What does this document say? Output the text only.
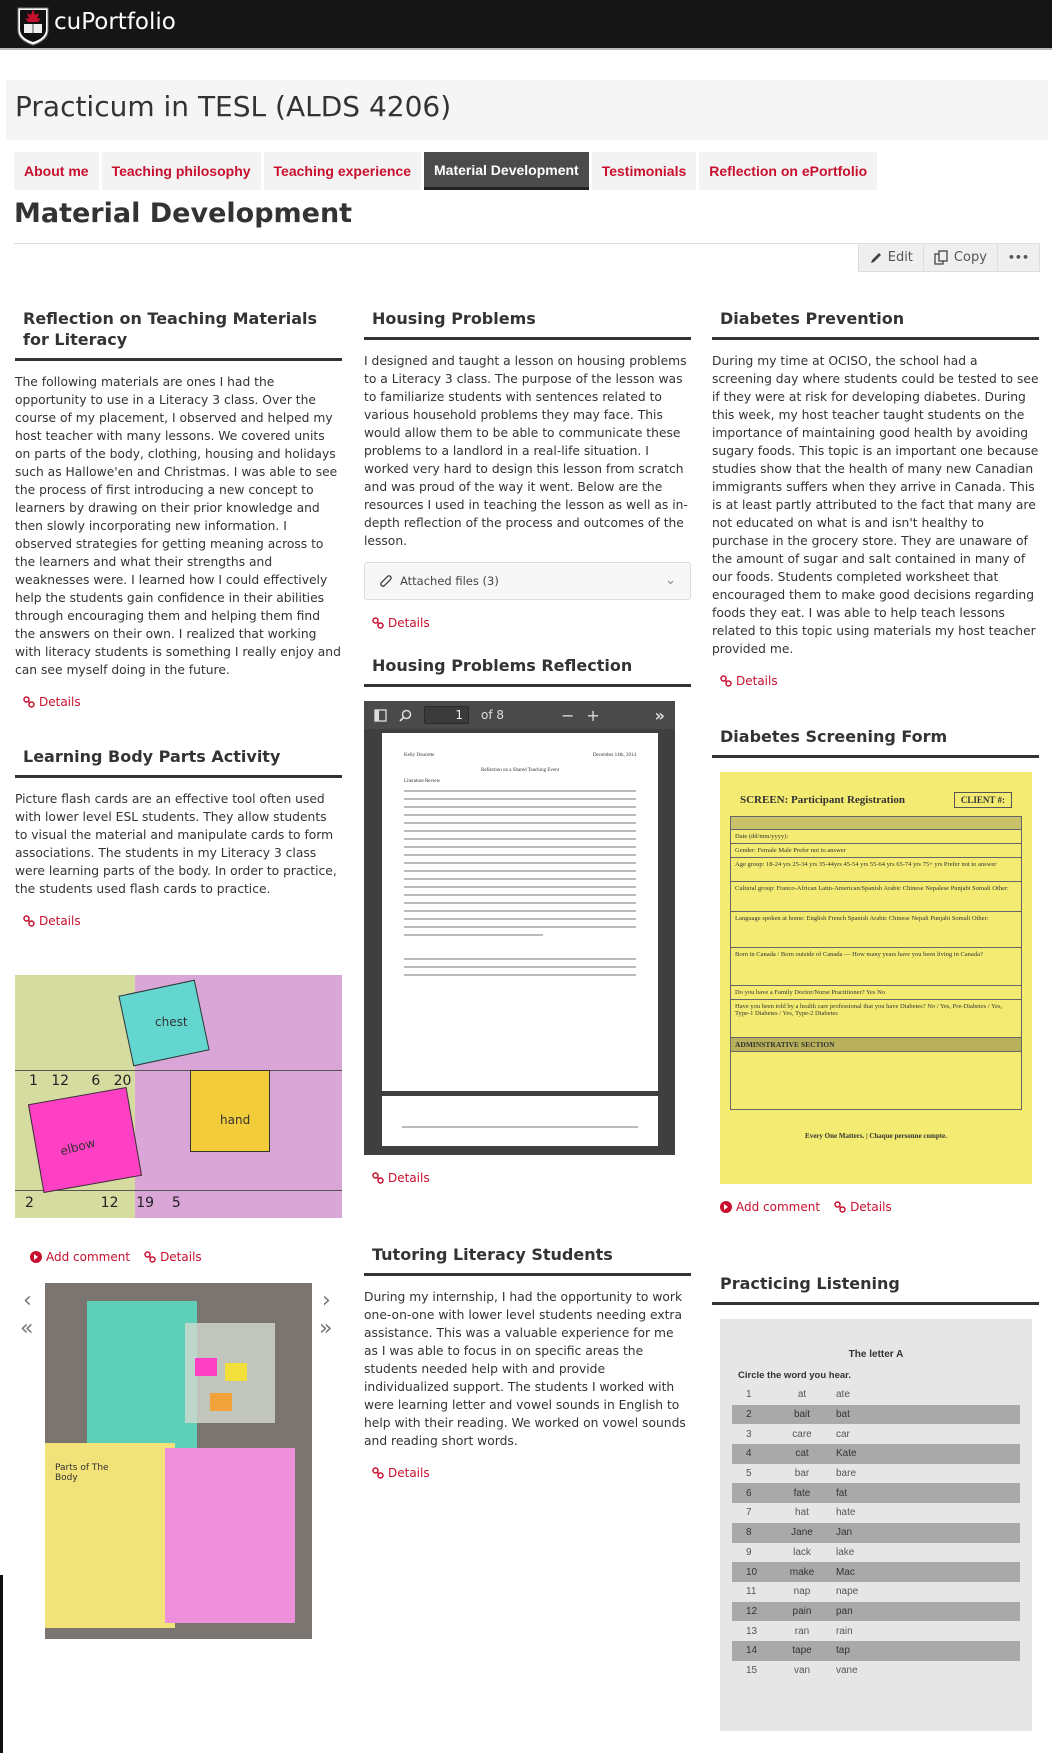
cuPortfolio
Practicum in TESL (ALDS 4206)
About me	Teaching philosophy	Teaching experience	Material Development	Testimonials	Reflection on ePortfolio
Material Development
Edit	Copy •••
Reflection on Teaching Materials for Literacy

The following materials are ones I had the opportunity to use in a Literacy 3 class. Over the course of my placement, I observed and helped my host teacher with many lessons. We covered units on parts of the body, clothing, housing and holidays such as Hallowe'en and Christmas. I was able to see the process of first introducing a new concept to learners by drawing on their prior knowledge and then slowly incorporating new information. I observed strategies for getting meaning across to the learners and what their strengths and weaknesses were. I learned how I could effectively help the students gain confidence in their abilities through encouraging them and helping them find the answers on their own. I realized that working with literacy students is something I really enjoy and can see myself doing in the future.

Details
Learning Body Parts Activity

Picture flash cards are an effective tool often used with lower level ESL students. They allow students to visual the material and manipulate cards to form associations. The students in my Literacy 3 class were learning parts of the body. In order to practice, the students used flash cards to practice.

Details
chest
hand
elbow
1   12     6   20
2               12    19    5
Add comment	Details
‹
«
›
»
Parts of The Body
Housing Problems

I designed and taught a lesson on housing problems to a Literacy 3 class. The purpose of the lesson was to familiarize students with sentences related to various household problems they may face. This would allow them to be able to communicate these problems to a landlord in a real-life situation. I worked very hard to design this lesson from scratch and was proud of the way it went. Below are the resources I used in teaching the lesson as well as in-depth reflection of the process and outcomes of the lesson.

Attached files (3)	⌄
Details
Housing Problems Reflection
1	of 8	− +	»
Kelly Doucette	December 14th, 2014
Reflection on a Shared Teaching Event
Literature Review
Details
Tutoring Literacy Students

During my internship, I had the opportunity to work one-on-one with lower level students needing extra assistance. This was a valuable experience for me as I was able to focus in on specific areas the students needed help with and provide individualized support. The students I worked with were learning letter and vowel sounds in English to help with their reading. We worked on vowel sounds and reading short words.

Details
Diabetes Prevention

During my time at OCISO, the school had a screening day where students could be tested to see if they were at risk for developing diabetes. During this week, my host teacher taught students on the importance of maintaining good health by avoiding sugary foods. This topic is an important one because studies show that the health of many new Canadian immigrants suffers when they arrive in Canada. This is at least partly attributed to the fact that many are not educated on what is and isn't healthy to purchase in the grocery store. They are unaware of the amount of sugar and salt contained in many of our foods. Students completed worksheet that encouraged them to make good decisions regarding foods they eat. I was able to help teach lessons related to this topic using materials my host teacher provided me.

Details
Diabetes Screening Form
SCREEN: Participant Registration	CLIENT #:
Date (dd/mm/yyyy):
Gender: Female Male Prefer not to answer
Age group: 18-24 yrs 25-34 yrs 35-44yrs 45-54 yrs 55-64 yrs 65-74 yrs 75+ yrs Prefer not to answer
Cultural group: Franco-African Latin-American/Spanish Arabic Chinese Nepalese Punjabi Somali Other:
Language spoken at home: English French Spanish Arabic Chinese Nepali Punjabi Somali Other:
Born in Canada / Born outside of Canada — How many years have you been living in Canada?
Do you have a Family Doctor/Nurse Practitioner? Yes No
Have you been told by a health care professional that you have Diabetes? No / Yes, Pre-Diabetes / Yes, Type-1 Diabetes / Yes, Type-2 Diabetes
ADMINSTRATIVE SECTION
Every One Matters. | Chaque personne compte.
Add comment	Details
Practicing Listening
The letter A
Circle the word you hear.
1	at	ate
2	bait	bat
3	care	car
4	cat	Kate
5	bar	bare
6	fate	fat
7	hat	hate
8	Jane	Jan
9	lack	lake
10	make	Mac
11	nap	nape
12	pain	pan
13	ran	rain
14	tape	tap
15	van	vane
